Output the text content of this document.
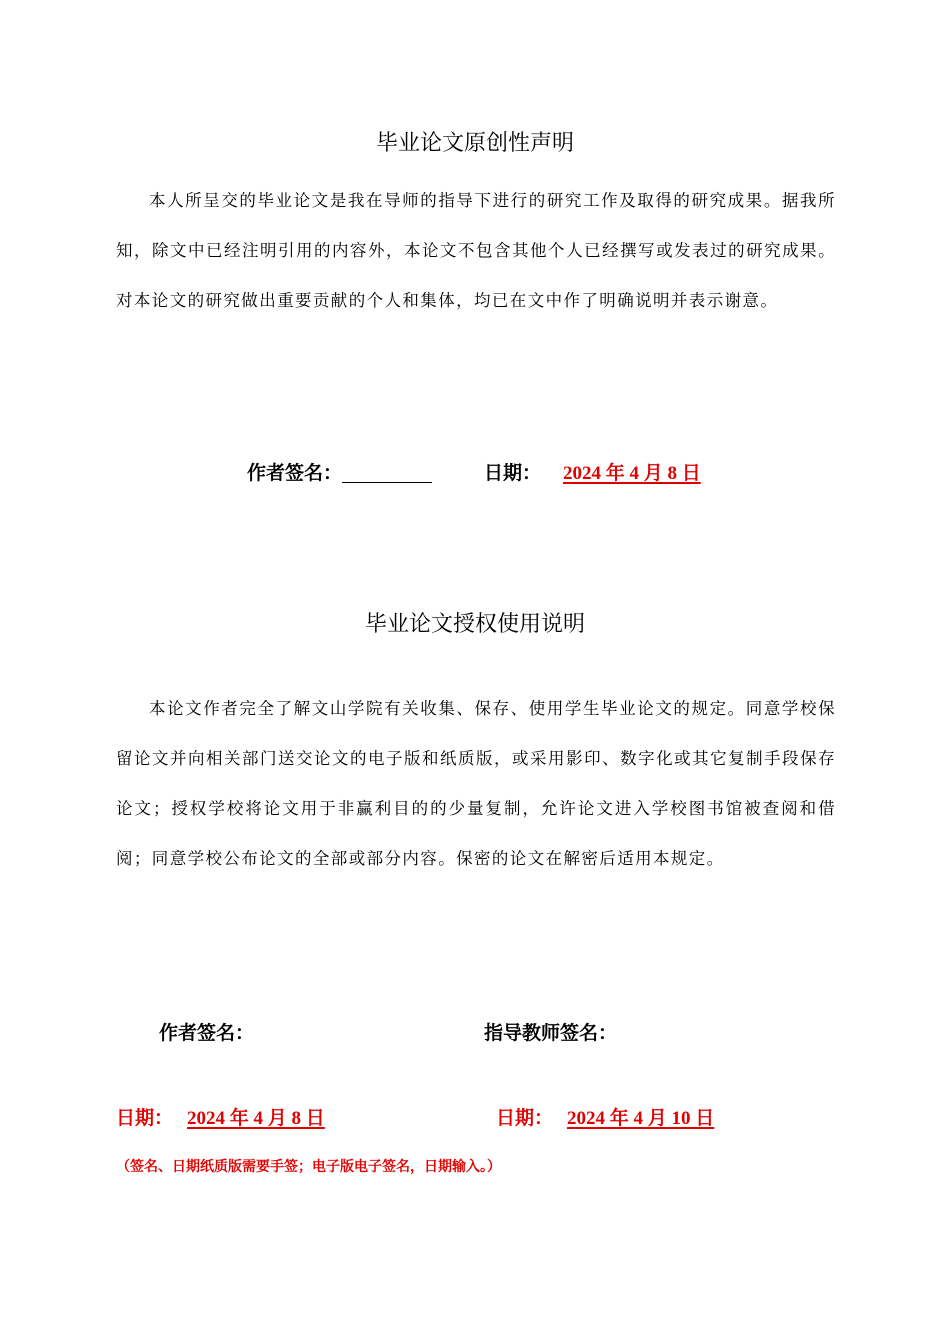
毕业论文原创性声明

本人所呈交的毕业论文是我在导师的指导下进行的研究工作及取得的研究成果。据我所知，除文中已经注明引用的内容外，本论文不包含其他个人已经撰写或发表过的研究成果。对本论文的研究做出重要贡献的个人和集体，均已在文中作了明确说明并表示谢意。

作者签名：	日期： 2024 年 4 月 8 日
毕业论文授权使用说明

本论文作者完全了解文山学院有关收集、保存、使用学生毕业论文的规定。同意学校保留论文并向相关部门送交论文的电子版和纸质版，或采用影印、数字化或其它复制手段保存论文；授权学校将论文用于非赢利目的的少量复制，允许论文进入学校图书馆被查阅和借阅；同意学校公布论文的全部或部分内容。保密的论文在解密后适用本规定。

作者签名：	指导教师签名：
日期： 2024 年 4 月 8 日	日期： 2024 年 4 月 10 日
（签名、日期纸质版需要手签；电子版电子签名，日期输入。）
